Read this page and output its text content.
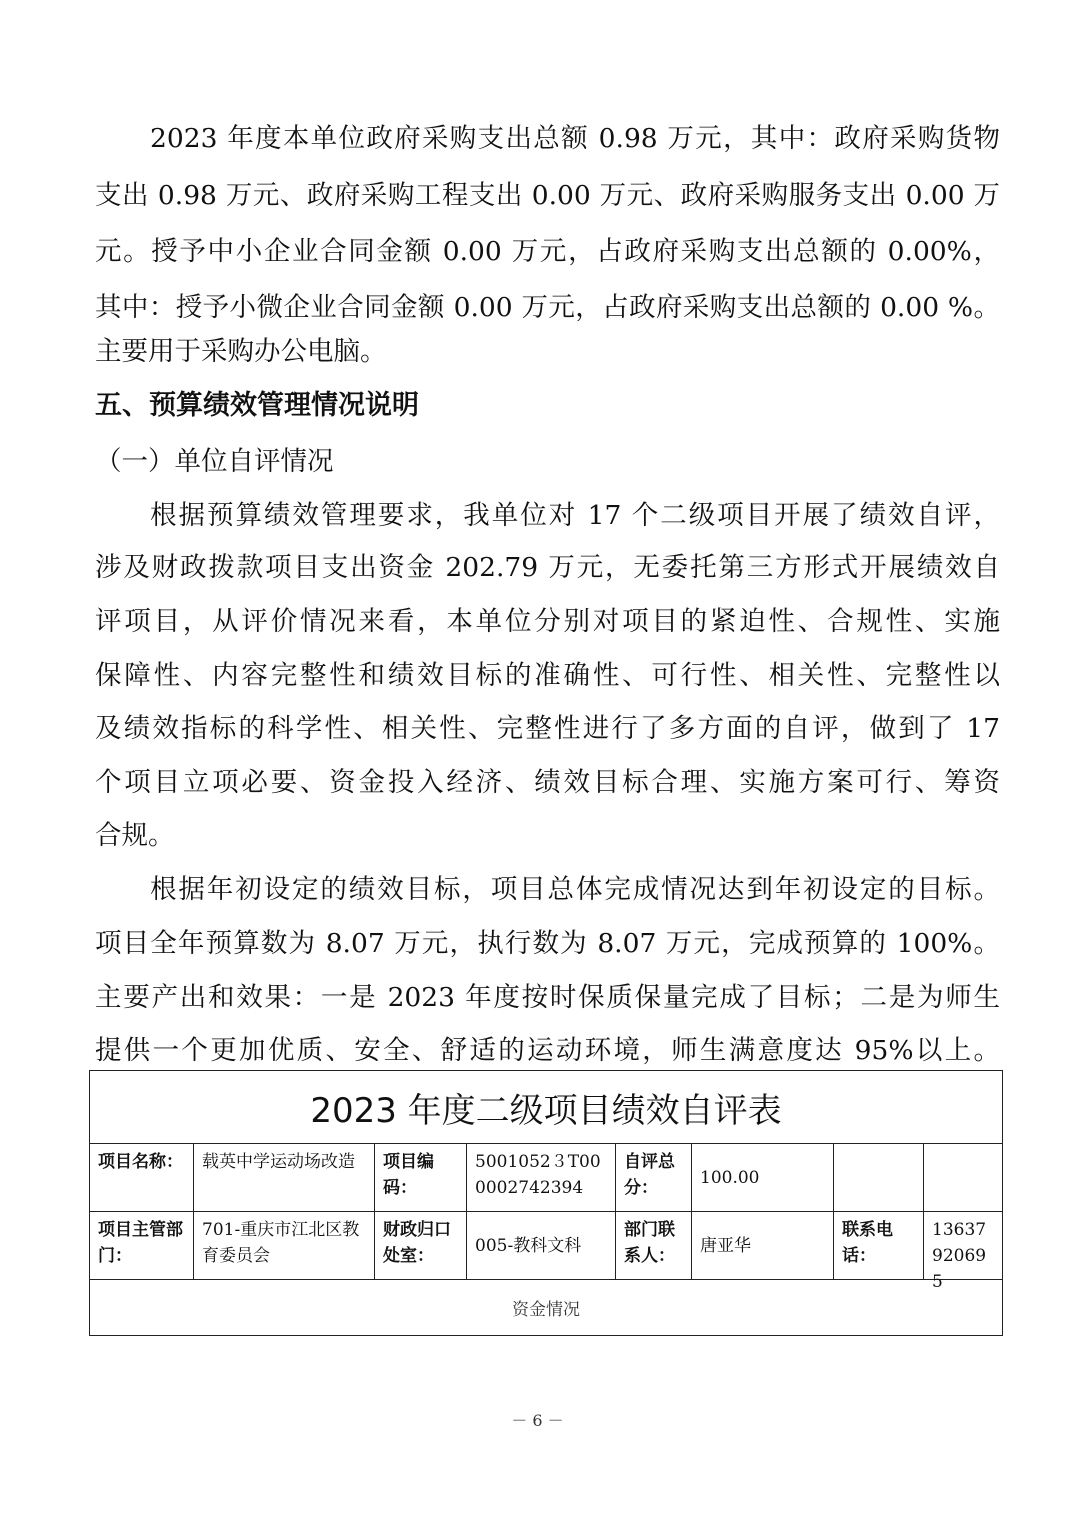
2023 年度本单位政府采购支出总额 0.98 万元，其中：政府采购货物
支出 0.98 万元、政府采购工程支出 0.00 万元、政府采购服务支出 0.00 万
元。授予中小企业合同金额 0.00 万元，占政府采购支出总额的 0.00%，
其中：授予小微企业合同金额 0.00 万元，占政府采购支出总额的 0.00 %。
主要用于采购办公电脑。
五、预算绩效管理情况说明
（一）单位自评情况
根据预算绩效管理要求，我单位对 17 个二级项目开展了绩效自评，
涉及财政拨款项目支出资金 202.79 万元，无委托第三方形式开展绩效自
评项目，从评价情况来看，本单位分别对项目的紧迫性、合规性、实施
保障性、内容完整性和绩效目标的准确性、可行性、相关性、完整性以
及绩效指标的科学性、相关性、完整性进行了多方面的自评，做到了 17
个项目立项必要、资金投入经济、绩效目标合理、实施方案可行、筹资
合规。
根据年初设定的绩效目标，项目总体完成情况达到年初设定的目标。
项目全年预算数为 8.07 万元，执行数为 8.07 万元，完成预算的 100%。
主要产出和效果：一是 2023 年度按时保质保量完成了目标；二是为师生
提供一个更加优质、安全、舒适的运动环境，师生满意度达 95%以上。
2023 年度二级项目绩效自评表
项目名称：	载英中学运动场改造	项目编码：
5001052３T000002742394
自评总分：
100.00
项目主管部门：
701-重庆市江北区教育委员会
财政归口处室：
005-教科文科
部门联系人：
唐亚华
联系电话：
13637920695
资金情况
－ 6 －
